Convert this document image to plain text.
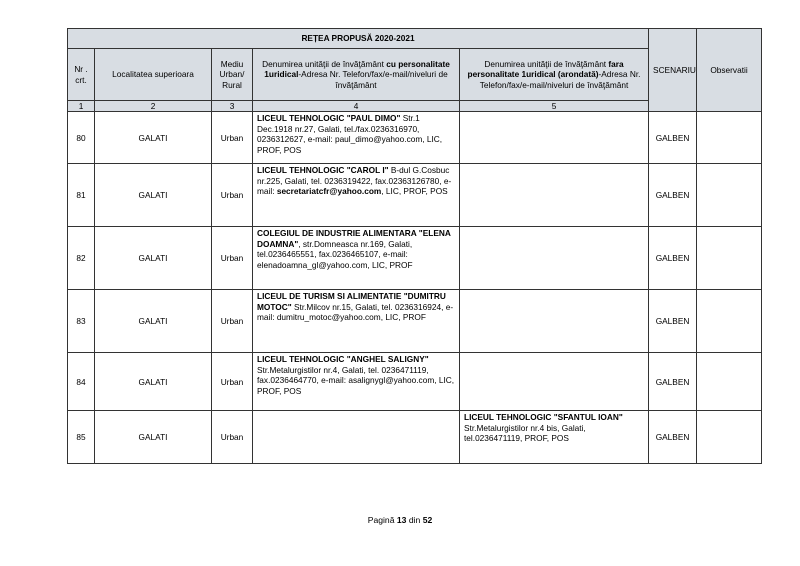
REȚEA PROPUSĂ 2020-2021					SCENARIU	Observatii	
Nr . crt.	Localitatea superioara	Mediu Urban/ Rural	Denumirea unităţii de învăţământ cu personalitate 1uridical-Adresa Nr. Telefon/fax/e-mail/niveluri de învăţământ	Denumirea unităţii de învăţământ fara personalitate 1uridical (arondată)-Adresa Nr. Telefon/fax/e-mail/niveluri de învăţământ			
1	2	3	4	5		
80	GALATI	Urban	LICEUL TEHNOLOGIC "PAUL DIMO" Str.1 Dec.1918 nr.27, Galati, tel./fax.0236316970, 0236312627, e-mail: paul_dimo@yahoo.com, LIC, PROF, POS		GALBEN		
81	GALATI	Urban	LICEUL TEHNOLOGIC "CAROL I" B-dul G.Cosbuc nr.225, Galati, tel. 0236319422, fax.02363126780, e-mail: secretariatcfr@yahoo.com, LIC, PROF, POS		GALBEN		
82	GALATI	Urban	COLEGIUL DE INDUSTRIE ALIMENTARA "ELENA DOAMNA", str.Domneasca nr.169, Galati, tel.0236465551, fax.0236465107, e-mail: elenadoamna_gl@yahoo.com, LIC, PROF		GALBEN		
83	GALATI	Urban	LICEUL DE TURISM SI ALIMENTATIE "DUMITRU MOTOC" Str.Milcov nr.15, Galati, tel. 0236316924, e-mail: dumitru_motoc@yahoo.com, LIC, PROF		GALBEN		
84	GALATI	Urban	LICEUL TEHNOLOGIC "ANGHEL SALIGNY" Str.Metalurgistilor nr.4, Galati, tel. 0236471119, fax.0236464770, e-mail: asalignygl@yahoo.com, LIC, PROF, POS		GALBEN		
85	GALATI	Urban		LICEUL TEHNOLOGIC "SFANTUL IOAN" Str.Metalurgistilor nr.4 bis, Galati, tel.0236471119, PROF, POS	GALBEN		
Pagină 13 din 52
